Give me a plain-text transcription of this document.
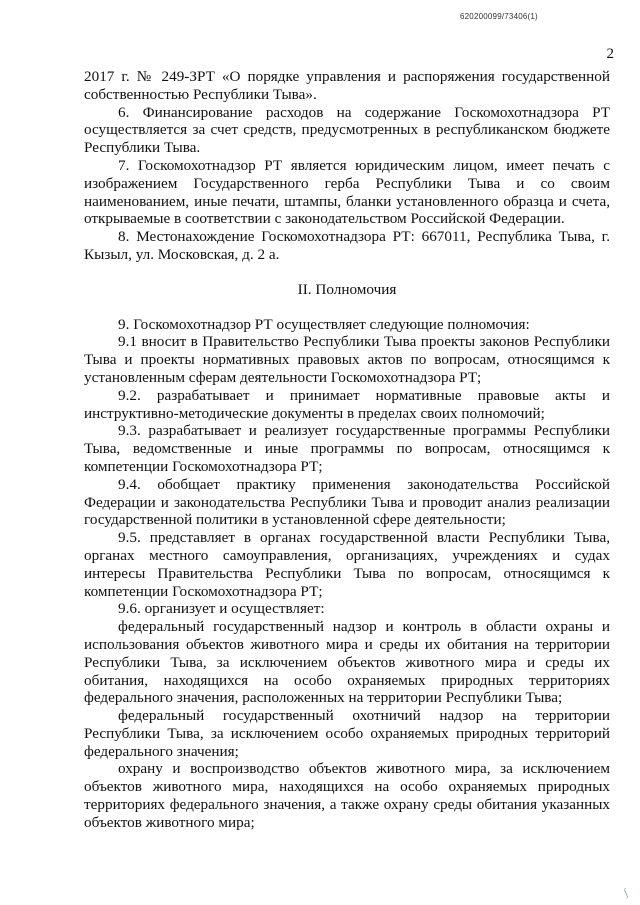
620200099/73406(1)
2

2017 г. № 249-ЗРТ «О порядке управления и распоряжения государственной собственностью Республики Тыва».

6. Финансирование расходов на содержание Госкомохотнадзора РТ осуществляется за счет средств, предусмотренных в республиканском бюджете Республики Тыва.

7. Госкомохотнадзор РТ является юридическим лицом, имеет печать с изображением Государственного герба Республики Тыва и со своим наименованием, иные печати, штампы, бланки установленного образца и счета, открываемые в соответствии с законодательством Российской Федерации.

8. Местонахождение Госкомохотнадзора РТ: 667011, Республика Тыва, г. Кызыл, ул. Московская, д. 2 а.

II. Полномочия

9. Госкомохотнадзор РТ осуществляет следующие полномочия:

9.1 вносит в Правительство Республики Тыва проекты законов Республики Тыва и проекты нормативных правовых актов по вопросам, относящимся к установленным сферам деятельности Госкомохотнадзора РТ;

9.2. разрабатывает и принимает нормативные правовые акты и инструктивно-методические документы в пределах своих полномочий;

9.3. разрабатывает и реализует государственные программы Республики Тыва, ведомственные и иные программы по вопросам, относящимся к компетенции Госкомохотнадзора РТ;

9.4. обобщает практику применения законодательства Российской Федерации и законодательства Республики Тыва и проводит анализ реализации государственной политики в установленной сфере деятельности;

9.5. представляет в органах государственной власти Республики Тыва, органах местного самоуправления, организациях, учреждениях и судах интересы Правительства Республики Тыва по вопросам, относящимся к компетенции Госкомохотнадзора РТ;

9.6. организует и осуществляет:

федеральный государственный надзор и контроль в области охраны и использования объектов животного мира и среды их обитания на территории Республики Тыва, за исключением объектов животного мира и среды их обитания, находящихся на особо охраняемых природных территориях федерального значения, расположенных на территории Республики Тыва;

федеральный государственный охотничий надзор на территории Республики Тыва, за исключением особо охраняемых природных территорий федерального значения;

охрану и воспроизводство объектов животного мира, за исключением объектов животного мира, находящихся на особо охраняемых природных территориях федерального значения, а также охрану среды обитания указанных объектов животного мира;

ʃ
